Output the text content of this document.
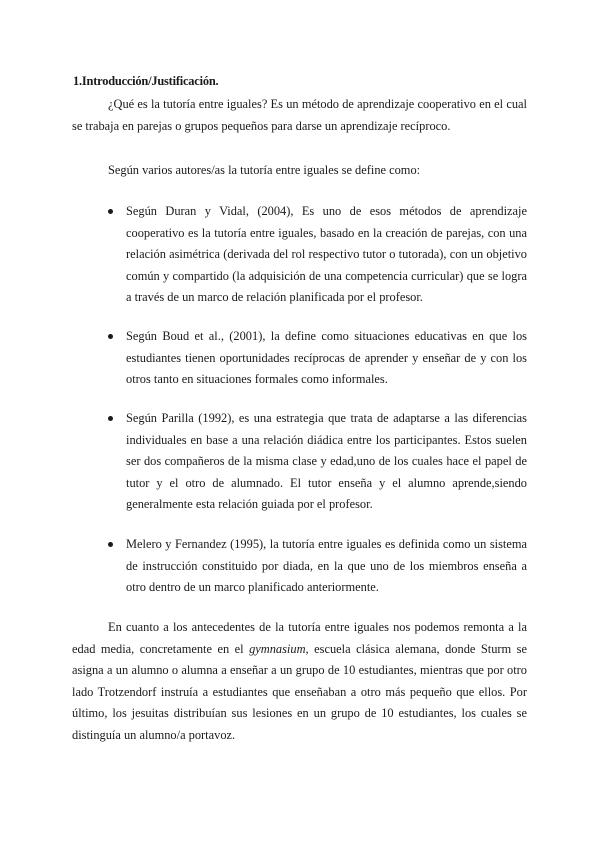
1.Introducción/Justificación.

¿Qué es la tutoría entre iguales? Es un método de aprendizaje cooperativo en el cual se trabaja en parejas o grupos pequeños para darse un aprendizaje recíproco.

Según varios autores/as la tutoría entre iguales se define como:

Según Duran y Vidal, (2004), Es uno de esos métodos de aprendizaje cooperativo es la tutoría entre iguales, basado en la creación de parejas, con una relación asimétrica (derivada del rol respectivo tutor o tutorada), con un objetivo común y compartido (la adquisición de una competencia curricular) que se logra a través de un marco de relación planificada por el profesor.

Según Boud et al., (2001), la define como situaciones educativas en que los estudiantes tienen oportunidades recíprocas de aprender y enseñar de y con los otros tanto en situaciones formales como informales.

Según Parilla (1992), es una estrategia que trata de adaptarse a las diferencias individuales en base a una relación diádica entre los participantes. Estos suelen ser dos compañeros de la misma clase y edad,uno de los cuales hace el papel de tutor y el otro de alumnado. El tutor enseña y el alumno aprende,siendo generalmente esta relación guiada por el profesor.

Melero y Fernandez (1995), la tutoría entre iguales es definida como un sistema de instrucción constituido por diada, en la que uno de los miembros enseña a otro dentro de un marco planificado anteriormente.

En cuanto a los antecedentes de la tutoría entre iguales nos podemos remonta a la edad media, concretamente en el gymnasium, escuela clásica alemana, donde Sturm se asigna a un alumno o alumna a enseñar a un grupo de 10 estudiantes, mientras que por otro lado Trotzendorf instruía a estudiantes que enseñaban a otro más pequeño que ellos. Por último, los jesuitas distribuían sus lesiones en un grupo de 10 estudiantes, los cuales se distinguía un alumno/a portavoz.
